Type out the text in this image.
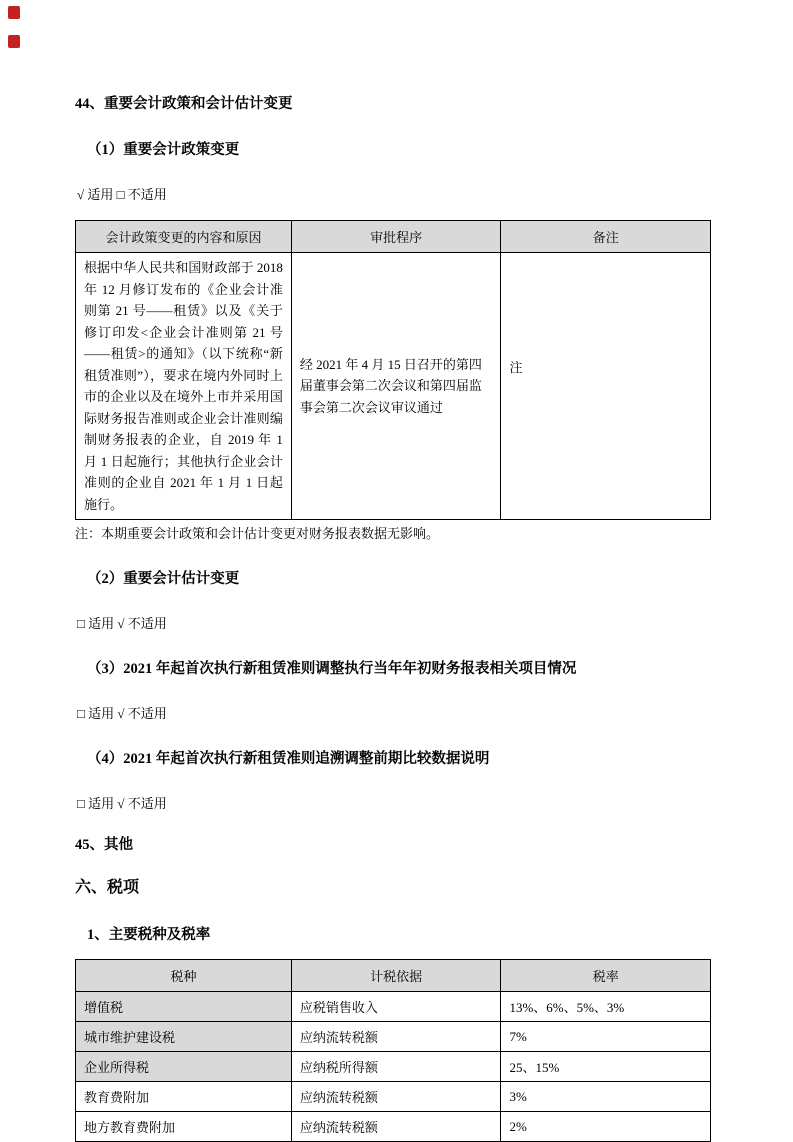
44、重要会计政策和会计估计变更
（1）重要会计政策变更
√ 适用 □ 不适用
会计政策变更的内容和原因	审批程序	备注
根据中华人民共和国财政部于 2018 年 12 月修订发布的《企业会计准则第 21 号——租赁》以及《关于修订印发<企业会计准则第 21 号——租赁>的通知》（以下统称“新租赁准则”），要求在境内外同时上市的企业以及在境外上市并采用国际财务报告准则或企业会计准则编制财务报表的企业，自 2019 年 1 月 1 日起施行；其他执行企业会计准则的企业自 2021 年 1 月 1 日起施行。	经 2021 年 4 月 15 日召开的第四届董事会第二次会议和第四届监事会第二次会议审议通过	注
注：本期重要会计政策和会计估计变更对财务报表数据无影响。
（2）重要会计估计变更
□ 适用 √ 不适用
（3）2021 年起首次执行新租赁准则调整执行当年年初财务报表相关项目情况
□ 适用 √ 不适用
（4）2021 年起首次执行新租赁准则追溯调整前期比较数据说明
□ 适用 √ 不适用
45、其他
六、税项
1、主要税种及税率
税种	计税依据	税率
增值税	应税销售收入	13%、6%、5%、3%
城市维护建设税	应纳流转税额	7%
企业所得税	应纳税所得额	25、15%
教育费附加	应纳流转税额	3%
地方教育费附加	应纳流转税额	2%
